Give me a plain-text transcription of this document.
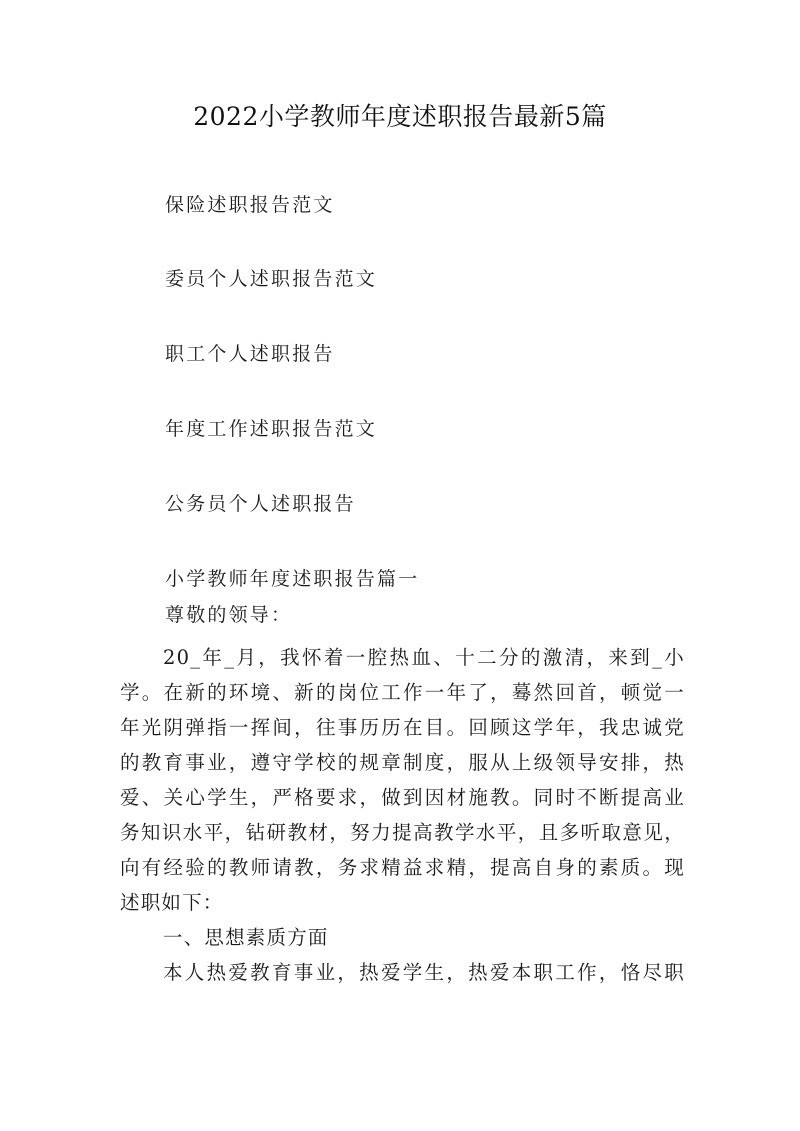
2022小学教师年度述职报告最新5篇
保险述职报告范文
委员个人述职报告范文
职工个人述职报告
年度工作述职报告范文
公务员个人述职报告
小学教师年度述职报告篇一
尊敬的领导：
20_年_月，我怀着一腔热血、十二分的激清，来到_小
学。在新的环境、新的岗位工作一年了，蓦然回首，顿觉一
年光阴弹指一挥间，往事历历在目。回顾这学年，我忠诚党
的教育事业，遵守学校的规章制度，服从上级领导安排，热
爱、关心学生，严格要求，做到因材施教。同时不断提高业
务知识水平，钻研教材，努力提高教学水平，且多听取意见，
向有经验的教师请教，务求精益求精，提高自身的素质。现
述职如下：
一、思想素质方面
本人热爱教育事业，热爱学生，热爱本职工作，恪尽职
